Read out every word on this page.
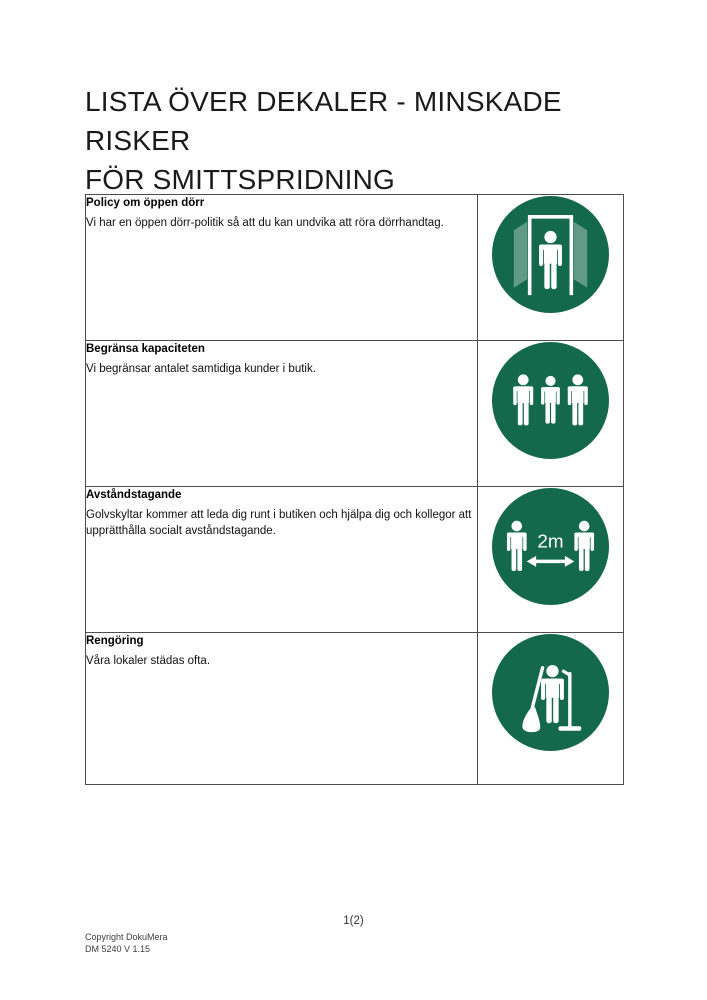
LISTA ÖVER DEKALER - MINSKADE RISKER
FÖR SMITTSPRIDNING
Policy om öppen dörr
Vi har en öppen dörr-politik så att du kan undvika att röra dörrhandtag.

Begränsa kapaciteten
Vi begränsar antalet samtidiga kunder i butik.

Avståndstagande
Golvskyltar kommer att leda dig runt i butiken och hjälpa dig och kollegor att upprätthålla socialt avståndstagande.	2m

Rengöring
Våra lokaler städas ofta.

1(2)
Copyright DokuMera
DM 5240 V 1.15
